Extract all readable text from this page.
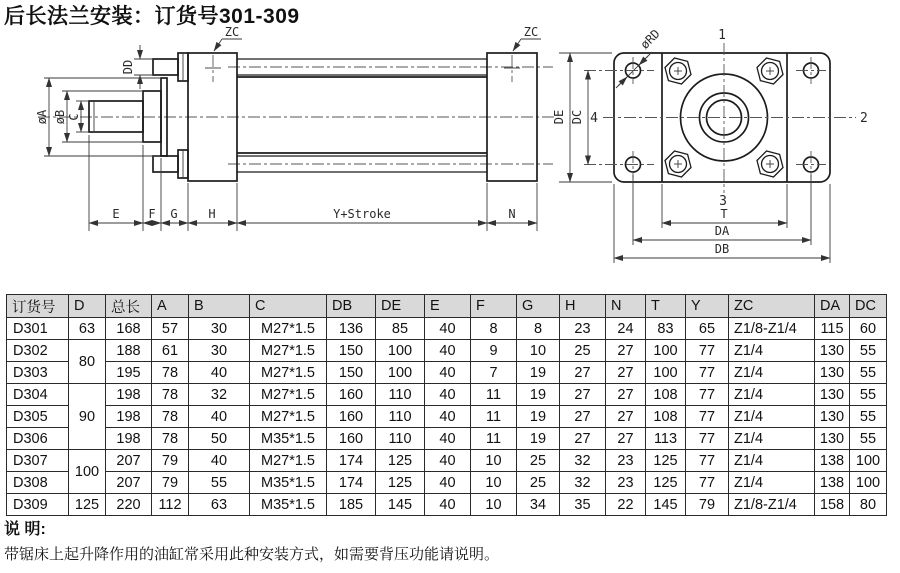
后长法兰安装：订货号301-309
ZC	ZC
DD
øA øB C
E F G	H	Y+Stroke	N
1
2
3
4
øRD
DE DC
T
DA
DB
订货号	D	总长	A	B	C	DB	DE	E	F	G	H	N	T	Y	ZC	DA	DC
D301	63	168	57	30	M27*1.5	136	85	40	8	8	23	24	83	65	Z1/8-Z1/4	115	60
D302	80	188	61	30	M27*1.5	150	100	40	9	10	25	27	100	77	Z1/4	130	55
D303		195	78	40	M27*1.5	150	100	40	7	19	27	27	100	77	Z1/4	130	55
D304	90	198	78	32	M27*1.5	160	110	40	11	19	27	27	108	77	Z1/4	130	55
D305		198	78	40	M27*1.5	160	110	40	11	19	27	27	108	77	Z1/4	130	55
D306		198	78	50	M35*1.5	160	110	40	11	19	27	27	113	77	Z1/4	130	55
D307	100	207	79	40	M27*1.5	174	125	40	10	25	32	23	125	77	Z1/4	138	100
D308		207	79	55	M35*1.5	174	125	40	10	25	32	23	125	77	Z1/4	138	100
D309	125	220	112	63	M35*1.5	185	145	40	10	34	35	22	145	79	Z1/8-Z1/4	158	80
说 明:
带锯床上起升降作用的油缸常采用此种安装方式，如需要背压功能请说明。
